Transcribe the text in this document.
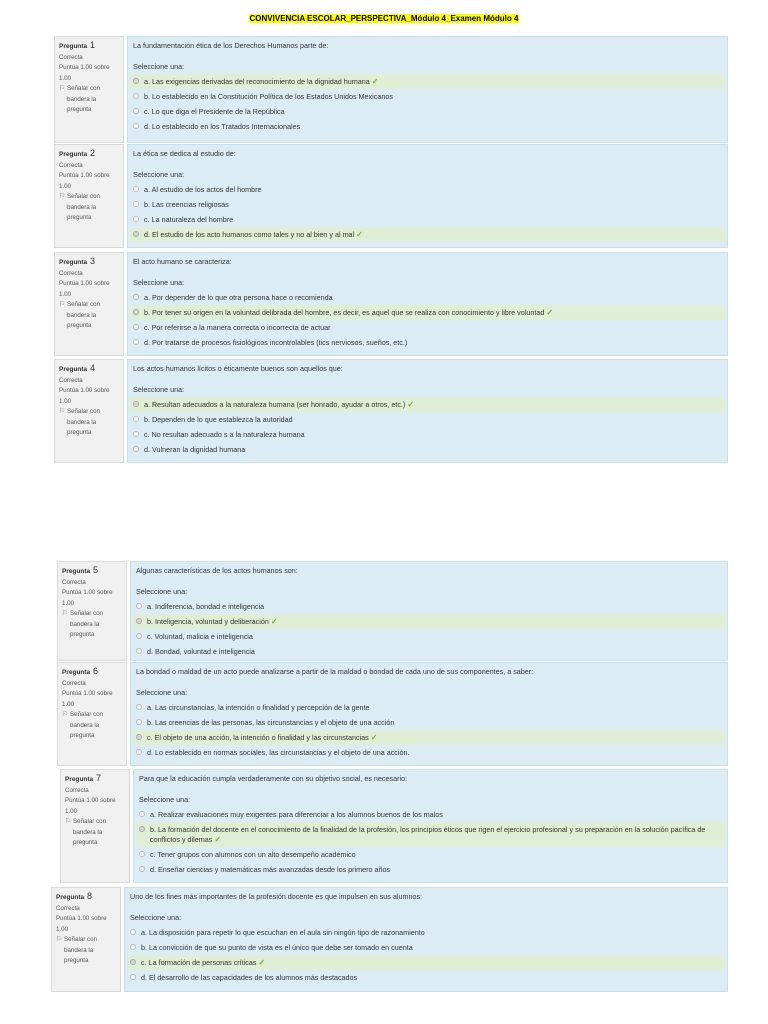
CONVIVENCIA ESCOLAR_PERSPECTIVA_Módulo 4_Examen Módulo 4
Pregunta 1
Correcta
Puntúa 1.00 sobre 1.00
⚐ Señalar con bandera la pregunta
La fundamentación ética de los Derechos Humanos parte de:
Seleccione una:
a. Las exigencias derivadas del reconocimiento de la dignidad humana ✓
b. Lo establecido en la Constitución Política de los Estados Unidos Mexicanos
c. Lo que diga el Presidente de la República
d. Lo establecido en los Tratados Internacionales
Pregunta 2
Correcta
Puntúa 1.00 sobre 1.00
⚐ Señalar con bandera la pregunta
La ética se dedica al estudio de:
Seleccione una:
a. Al estudio de los actos del hombre
b. Las creencias religiosas
c. La naturaleza del hombre
d. El estudio de los acto humanos como tales y no al bien y al mal ✓
Pregunta 3
Correcta
Puntúa 1.00 sobre 1.00
⚐ Señalar con bandera la pregunta
El acto humano se caracteriza:
Seleccione una:
a. Por depender de lo que otra persona hace o recomienda
b. Por tener su origen en la voluntad delibrada del hombre, es decir, es aquel que se realiza con conocimiento y libre voluntad ✓
c. Por referirse a la manera correcta o incorrecta de actuar
d. Por tratarse de procesos fisiológicos incontrolables (tics nerviosos, sueños, etc.)
Pregunta 4
Correcta
Puntúa 1.00 sobre 1.00
⚐ Señalar con bandera la pregunta
Los actos humanos lícitos o éticamente buenos son aquellos que:
Seleccione una:
a. Resultan adecuados a la naturaleza humana (ser honrado, ayudar a otros, etc.) ✓
b. Dependen de lo que establezca la autoridad
c. No resultan adecuado s a la naturaleza humana
d. Vulneran la dignidad humana
Pregunta 5
Correcta
Puntúa 1.00 sobre 1.00
⚐ Señalar con bandera la pregunta
Algunas características de los actos humanos son:
Seleccione una:
a. Indiferencia, bondad e inteligencia
b. Inteligencia, voluntad y deliberación ✓
c. Voluntad, malicia e inteligencia
d. Bondad, voluntad e inteligencia
Pregunta 6
Correcta
Puntúa 1.00 sobre 1.00
⚐ Señalar con bandera la pregunta
La bondad o maldad de un acto puede analizarse a partir de la maldad o bondad de cada uno de sus componentes, a saber:
Seleccione una:
a. Las circunstancias, la intención o finalidad y percepción de la gente
b. Las creencias de las personas, las circunstancias y el objeto de una acción
c. El objeto de una acción, la intención o finalidad y las circunstancias ✓
d. Lo establecido en normas sociales, las circunstancias y el objeto de una acción.
Pregunta 7
Correcta
Puntúa 1.00 sobre 1.00
⚐ Señalar con bandera la pregunta
Para que la educación cumpla verdaderamente con su objetivo social, es necesario:
Seleccione una:
a. Realizar evaluaciones muy exigentes para diferenciar a los alumnos buenos de los malos
b. La formación del docente en el conocimiento de la finalidad de la profesión, los principios éticos que rigen el ejercicio profesional y su preparación en la solución pacífica de conflictos y dilemas ✓
c. Tener grupos con alumnos con un alto desempeño académico
d. Enseñar ciencias y matemáticas más avanzadas desde los primero años
Pregunta 8
Correcta
Puntúa 1.00 sobre 1.00
⚐ Señalar con bandera la pregunta
Uno de los fines más importantes de la profesión docente es que impulsen en sus alumnos:
Seleccione una:
a. La disposición para repetir lo que escuchan en el aula sin ningún tipo de razonamiento
b. La convicción de que su punto de vista es el único que debe ser tomado en cuenta
c. La formación de personas críticas ✓
d. El desarrollo de las capacidades de los alumnos más destacados
